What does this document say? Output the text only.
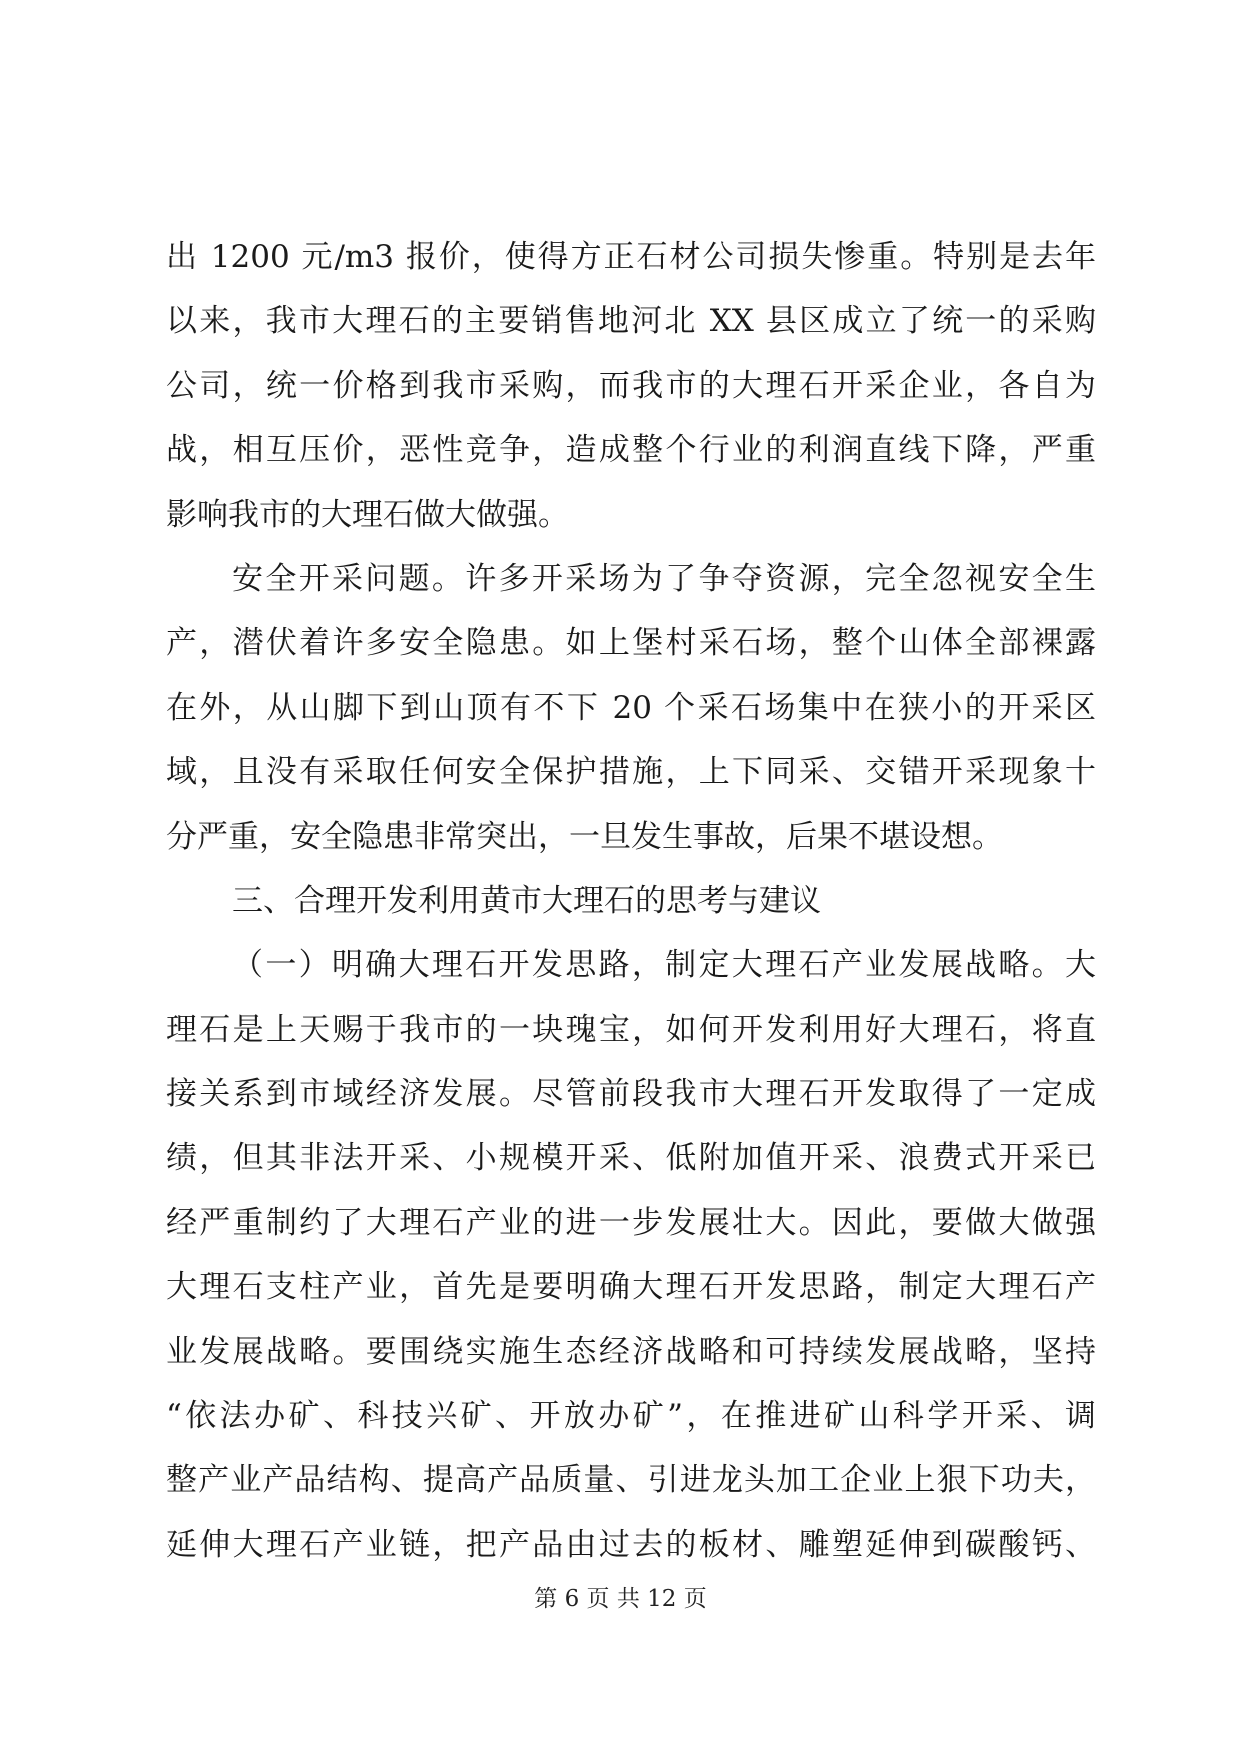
出 1200 元/m3 报价，使得方正石材公司损失惨重。特别是去年
以来，我市大理石的主要销售地河北 XX 县区成立了统一的采购
公司，统一价格到我市采购，而我市的大理石开采企业，各自为
战，相互压价，恶性竞争，造成整个行业的利润直线下降，严重
影响我市的大理石做大做强。
安全开采问题。许多开采场为了争夺资源，完全忽视安全生
产，潜伏着许多安全隐患。如上堡村采石场，整个山体全部裸露
在外，从山脚下到山顶有不下 20 个采石场集中在狭小的开采区
域，且没有采取任何安全保护措施，上下同采、交错开采现象十
分严重，安全隐患非常突出，一旦发生事故，后果不堪设想。
三、合理开发利用黄市大理石的思考与建议
（一）明确大理石开发思路，制定大理石产业发展战略。大
理石是上天赐于我市的一块瑰宝，如何开发利用好大理石，将直
接关系到市域经济发展。尽管前段我市大理石开发取得了一定成
绩，但其非法开采、小规模开采、低附加值开采、浪费式开采已
经严重制约了大理石产业的进一步发展壮大。因此，要做大做强
大理石支柱产业，首先是要明确大理石开发思路，制定大理石产
业发展战略。要围绕实施生态经济战略和可持续发展战略，坚持
“依法办矿、科技兴矿、开放办矿”，在推进矿山科学开采、调
整产业产品结构、提高产品质量、引进龙头加工企业上狠下功夫，
延伸大理石产业链，把产品由过去的板材、雕塑延伸到碳酸钙、
第 6 页 共 12 页
